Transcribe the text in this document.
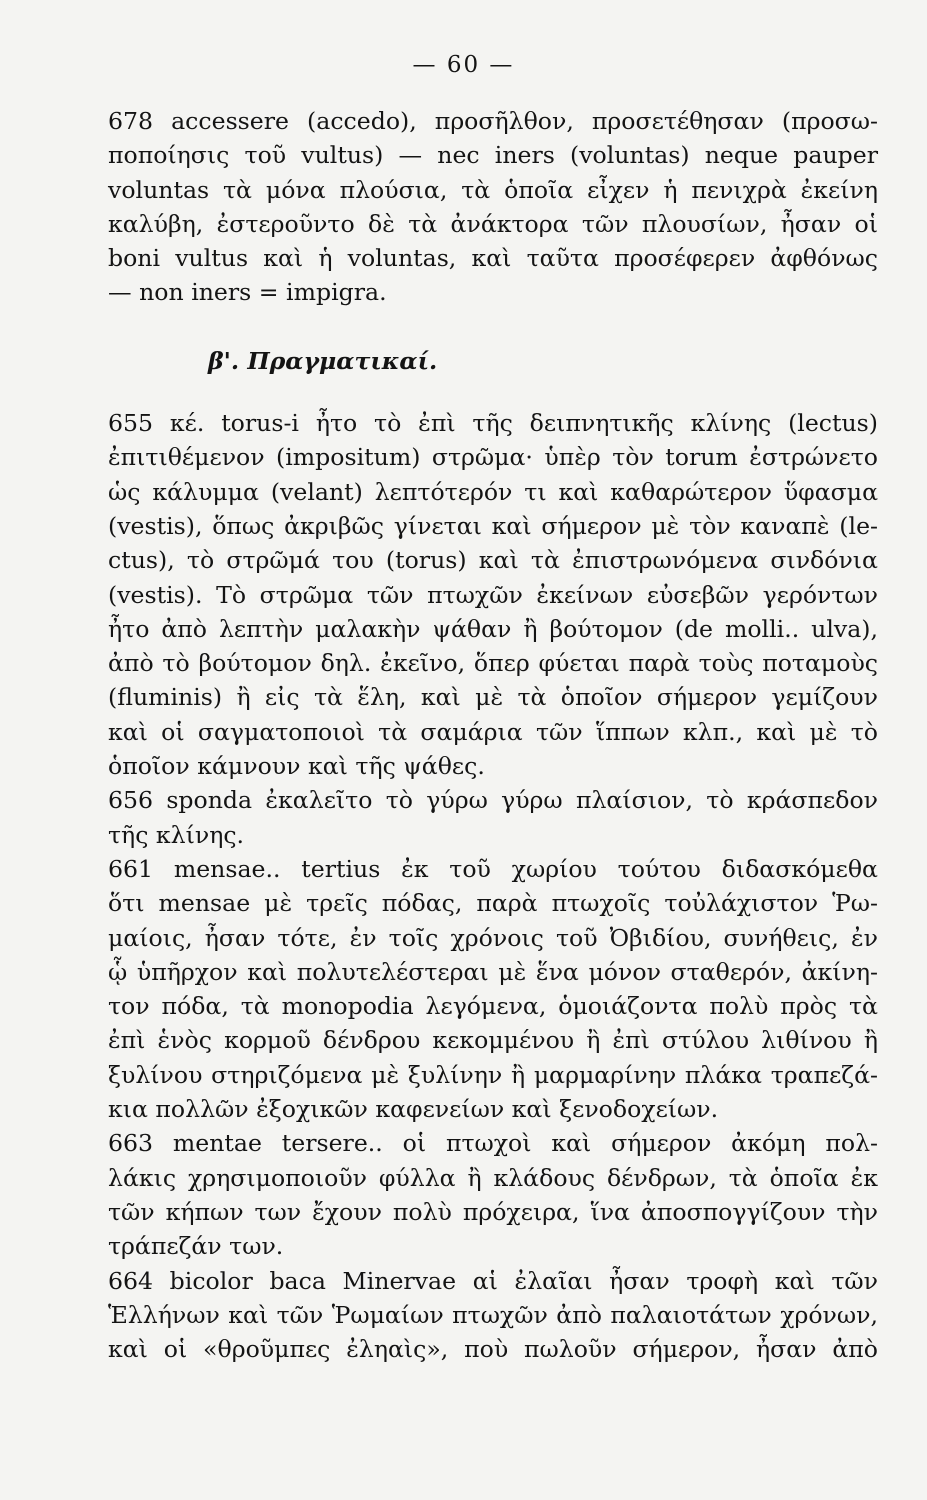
— 60 —
678 accessere (accedo), προσῆλθον, προσετέθησαν (προσω-
ποποίησις τοῦ vultus) — nec iners (voluntas) neque pauper
voluntas τὰ μόνα πλούσια, τὰ ὁποῖα εἶχεν ἡ πενιχρὰ ἐκείνη
καλύβη, ἐστεροῦντο δὲ τὰ ἀνάκτορα τῶν πλουσίων, ἦσαν οἱ
boni vultus καὶ ἡ voluntas, καὶ ταῦτα προσέφερεν ἀφθόνως
— non iners = impigra.
β'. Πραγματικαί.
655 κέ. torus-i ἦτο τὸ ἐπὶ τῆς δειπνητικῆς κλίνης (lectus)
ἐπιτιθέμενον (impositum) στρῶμα· ὑπὲρ τὸν torum ἐστρώνετο
ὡς κάλυμμα (velant) λεπτότερόν τι καὶ καθαρώτερον ὕφασμα
(vestis), ὅπως ἀκριβῶς γίνεται καὶ σήμερον μὲ τὸν καναπὲ (le-
ctus), τὸ στρῶμά του (torus) καὶ τὰ ἐπιστρωνόμενα σινδόνια
(vestis). Τὸ στρῶμα τῶν πτωχῶν ἐκείνων εὐσεβῶν γερόντων
ἦτο ἀπὸ λεπτὴν μαλακὴν ψάθαν ἢ βούτομον (de molli.. ulva),
ἀπὸ τὸ βούτομον δηλ. ἐκεῖνο, ὅπερ φύεται παρὰ τοὺς ποταμοὺς
(fluminis) ἢ εἰς τὰ ἕλη, καὶ μὲ τὰ ὁποῖον σήμερον γεμίζουν
καὶ οἱ σαγματοποιοὶ τὰ σαμάρια τῶν ἵππων κλπ., καὶ μὲ τὸ
ὁποῖον κάμνουν καὶ τῆς ψάθες.
656 sponda ἐκαλεῖτο τὸ γύρω γύρω πλαίσιον, τὸ κράσπεδον
τῆς κλίνης.
661 mensae.. tertius ἐκ τοῦ χωρίου τούτου διδασκόμεθα
ὅτι mensae μὲ τρεῖς πόδας, παρὰ πτωχοῖς τοὐλάχιστον Ῥω-
μαίοις, ἦσαν τότε, ἐν τοῖς χρόνοις τοῦ Ὀβιδίου, συνήθεις, ἐν
ᾧ ὑπῆρχον καὶ πολυτελέστεραι μὲ ἕνα μόνον σταθερόν, ἀκίνη-
τον πόδα, τὰ monopodia λεγόμενα, ὁμοιάζοντα πολὺ πρὸς τὰ
ἐπὶ ἑνὸς κορμοῦ δένδρου κεκομμένου ἢ ἐπὶ στύλου λιθίνου ἢ
ξυλίνου στηριζόμενα μὲ ξυλίνην ἢ μαρμαρίνην πλάκα τραπεζά-
κια πολλῶν ἐξοχικῶν καφενείων καὶ ξενοδοχείων.
663 mentae tersere.. οἱ πτωχοὶ καὶ σήμερον ἀκόμη πολ-
λάκις χρησιμοποιοῦν φύλλα ἢ κλάδους δένδρων, τὰ ὁποῖα ἐκ
τῶν κήπων των ἔχουν πολὺ πρόχειρα, ἵνα ἀποσπογγίζουν τὴν
τράπεζάν των.
664 bicolor baca Minervae αἱ ἐλαῖαι ἦσαν τροφὴ καὶ τῶν
Ἑλλήνων καὶ τῶν Ῥωμαίων πτωχῶν ἀπὸ παλαιοτάτων χρόνων,
καὶ οἱ «θροῦμπες ἐληαὶς», ποὺ πωλοῦν σήμερον, ἦσαν ἀπὸ
